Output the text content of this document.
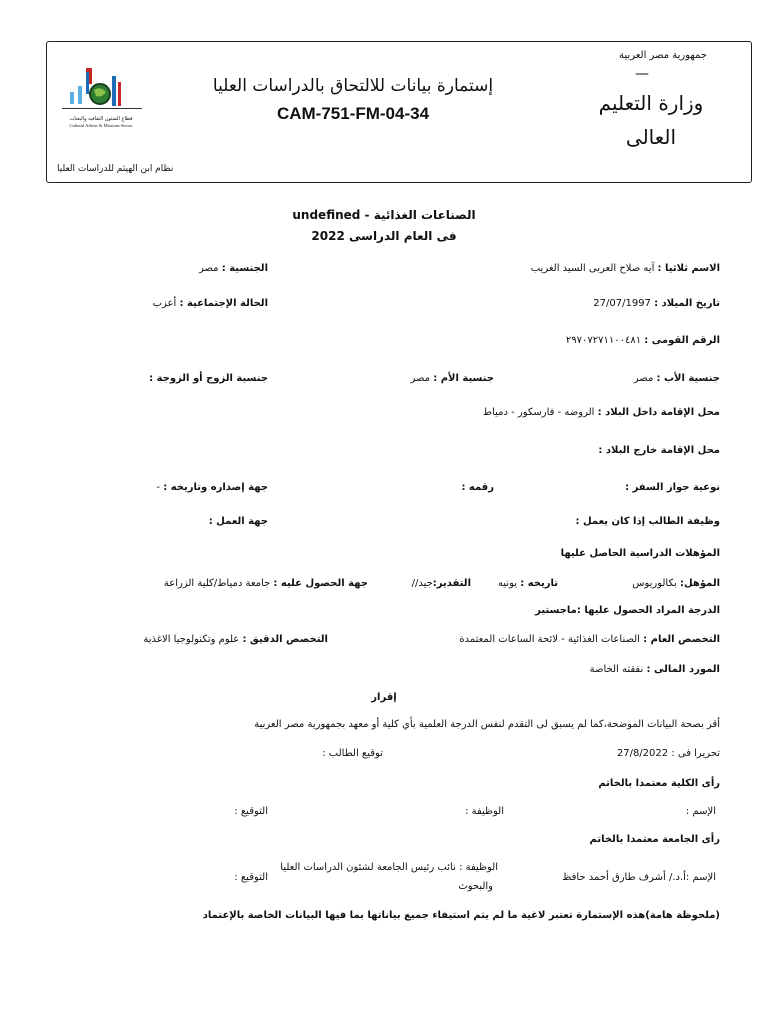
جمهورية مصر العربية
—
وزارة التعليم العالى
إستمارة بيانات للالتحاق بالدراسات العليا
CAM-751-FM-04-34
نظام ابن الهيثم للدراسات العليا
قطاع الشئون الثقافية والبعثات
Cultural Affairs & Missions Sector
undefined - الصناعات الغذائية
فى العام الدراسى 2022
الاسم ثلاثيا : آيه صلاح العربى السيد الغريب
الجنسية : مصر
تاريخ الميلاد : 27/07/1997
الحالة الإجتماعية : أعزب
الرقم القومى : ٢٩٧٠٧٢٧١١٠٠٤٨١
جنسية الأب : مصر
جنسية الأم : مصر
جنسية الزوج أو الزوجة :
محل الإقامة داخل البلاد : الروضه - فارسكور - دمياط
محل الإقامة خارج البلاد :
نوعية جواز السفر :
رقمه :
جهة إصداره وتاريخه : -
وظيفة الطالب إذا كان يعمل :
جهة العمل :
المؤهلات الدراسية الحاصل عليها
المؤهل: بكالوريوس
تاريخه : يونيه
التقدير:جيد//
جهة الحصول عليه : جامعة دمياط/كلية الزراعة
الدرجة المراد الحصول عليها :ماجستير
التخصص العام : الصناعات الغذائية - لائحة الساعات المعتمدة
التخصص الدقيق : علوم وتكنولوجيا الاغذية
المورد المالى : نفقته الخاصة
إقرار
أقر بصحة البيانات الموضحة،كما لم يسبق لى التقدم لنفس الدرجة العلمية بأي كلية أو معهد بجمهورية مصر العربية
تحريرا فى : 27/8/2022
توقيع الطالب :
رأى الكلية معتمدا بالخاتم
الإسم :
الوظيفة :
التوقيع :
رأى الجامعة معتمدا بالخاتم
الإسم :أ.د./ أشرف طارق أحمد حافظ
الوظيفة : نائب رئيس الجامعة لشئون الدراسات العليا
والبحوث
التوقيع :
(ملحوظة هامة)هذه الإستمارة تعتبر لاغية ما لم يتم استيفاء جميع بياناتها بما فيها البيانات الخاصة بالإعتماد
